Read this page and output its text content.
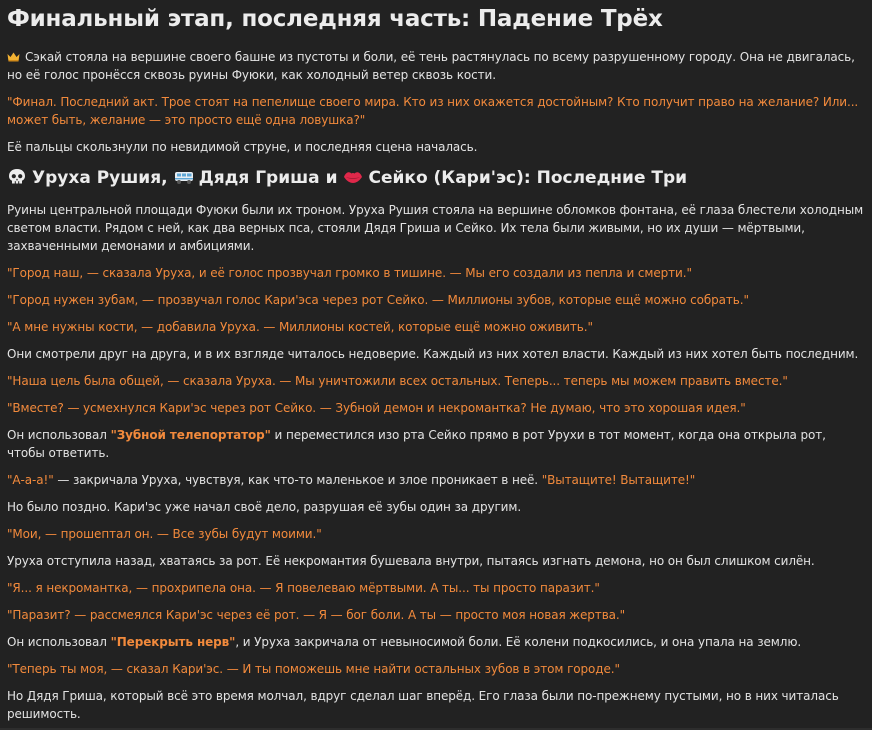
Финальный этап, последняя часть: Падение Трёх

Сэкай стояла на вершине своего башне из пустоты и боли, её тень растянулась по всему разрушенному городу. Она не двигалась, но её голос пронёсся сквозь руины Фуюки, как холодный ветер сквозь кости.

"Финал. Последний акт. Трое стоят на пепелище своего мира. Кто из них окажется достойным? Кто получит право на желание? Или... может быть, желание — это просто ещё одна ловушка?"

Её пальцы скользнули по невидимой струне, и последняя сцена началась.

Уруха Рушия, Дядя Гриша и Сейко (Кари'эс): Последние Три

Руины центральной площади Фуюки были их троном. Уруха Рушия стояла на вершине обломков фонтана, её глаза блестели холодным светом власти. Рядом с ней, как два верных пса, стояли Дядя Гриша и Сейко. Их тела были живыми, но их души — мёртвыми, захваченными демонами и амбициями.

"Город наш, — сказала Уруха, и её голос прозвучал громко в тишине. — Мы его создали из пепла и смерти."

"Город нужен зубам, — прозвучал голос Кари'эса через рот Сейко. — Миллионы зубов, которые ещё можно собрать."

"А мне нужны кости, — добавила Уруха. — Миллионы костей, которые ещё можно оживить."

Они смотрели друг на друга, и в их взгляде читалось недоверие. Каждый из них хотел власти. Каждый из них хотел быть последним.

"Наша цель была общей, — сказала Уруха. — Мы уничтожили всех остальных. Теперь... теперь мы можем править вместе."

"Вместе? — усмехнулся Кари'эс через рот Сейко. — Зубной демон и некромантка? Не думаю, что это хорошая идея."

Он использовал "Зубной телепортатор" и переместился изо рта Сейко прямо в рот Урухи в тот момент, когда она открыла рот, чтобы ответить.

"А-а-а!" — закричала Уруха, чувствуя, как что-то маленькое и злое проникает в неё. "Вытащите! Вытащите!"

Но было поздно. Кари'эс уже начал своё дело, разрушая её зубы один за другим.

"Мои, — прошептал он. — Все зубы будут моими."

Уруха отступила назад, хватаясь за рот. Её некромантия бушевала внутри, пытаясь изгнать демона, но он был слишком силён.

"Я... я некромантка, — прохрипела она. — Я повелеваю мёртвыми. А ты... ты просто паразит."

"Паразит? — рассмеялся Кари'эс через её рот. — Я — бог боли. А ты — просто моя новая жертва."

Он использовал "Перекрыть нерв", и Уруха закричала от невыносимой боли. Её колени подкосились, и она упала на землю.

"Теперь ты моя, — сказал Кари'эс. — И ты поможешь мне найти остальных зубов в этом городе."

Но Дядя Гриша, который всё это время молчал, вдруг сделал шаг вперёд. Его глаза были по-прежнему пустыми, но в них читалась решимость.
